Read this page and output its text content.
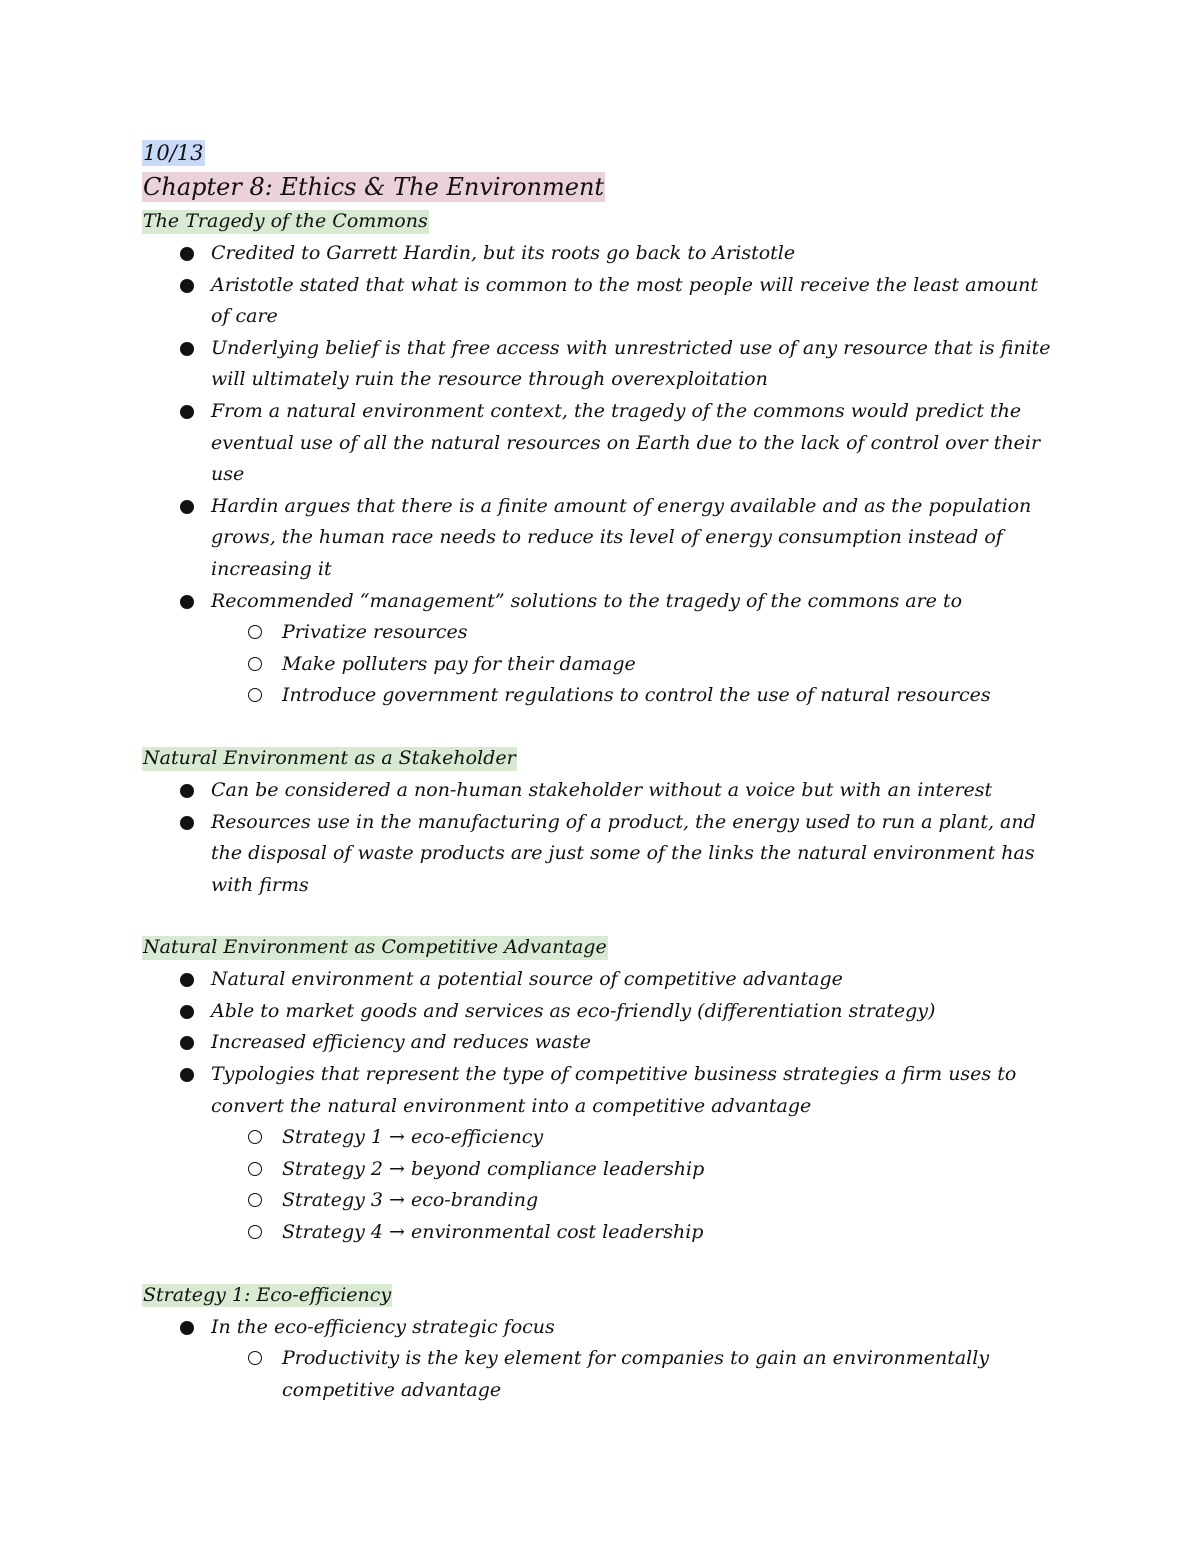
10/13
Chapter 8: Ethics & The Environment
The Tragedy of the Commons
Credited to Garrett Hardin, but its roots go back to Aristotle
Aristotle stated that what is common to the most people will receive the least amount of care
Underlying belief is that free access with unrestricted use of any resource that is finite will ultimately ruin the resource through overexploitation
From a natural environment context, the tragedy of the commons would predict the eventual use of all the natural resources on Earth due to the lack of control over their use
Hardin argues that there is a finite amount of energy available and as the population grows, the human race needs to reduce its level of energy consumption instead of increasing it
Recommended “management” solutions to the tragedy of the commons are to
Privatize resources
Make polluters pay for their damage
Introduce government regulations to control the use of natural resources
Natural Environment as a Stakeholder
Can be considered a non-human stakeholder without a voice but with an interest
Resources use in the manufacturing of a product, the energy used to run a plant, and the disposal of waste products are just some of the links the natural environment has with firms
Natural Environment as Competitive Advantage
Natural environment a potential source of competitive advantage
Able to market goods and services as eco-friendly (differentiation strategy)
Increased efficiency and reduces waste
Typologies that represent the type of competitive business strategies a firm uses to convert the natural environment into a competitive advantage
Strategy 1 → eco-efficiency
Strategy 2 → beyond compliance leadership
Strategy 3 → eco-branding
Strategy 4 → environmental cost leadership
Strategy 1: Eco-efficiency
In the eco-efficiency strategic focus
Productivity is the key element for companies to gain an environmentally competitive advantage
